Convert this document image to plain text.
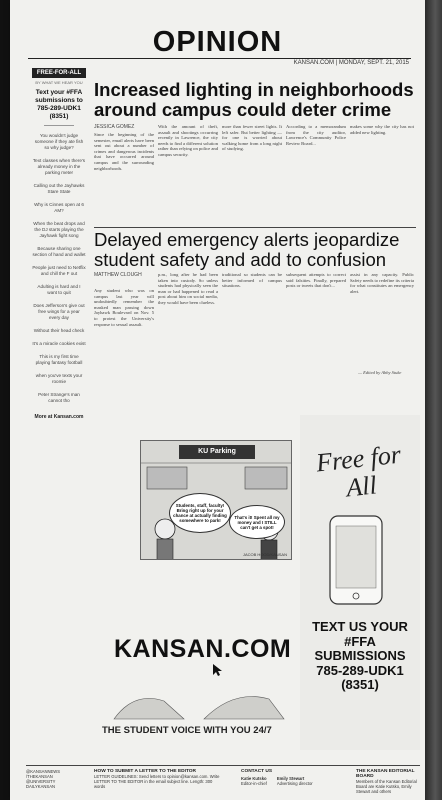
OPINION
KANSAN.COM | MONDAY, SEPT. 21, 2015
FREE-FOR-ALL
BY WHAT WE HEAR YOU
Text your #FFA submissions to 785-289-UDK1 (8351)
You wouldn't judge someone if they ate fish so why judge?
Text classes when there's already money in the parking meter
Calling out the Jayhawks Stare State
Why is Cinnes open at 6 AM?
When the beat drops and the DJ starts playing the Jayhawk fight song
Because sharing one section of hand and wallet
People just need to Netflix and chill the F out
Adulting is hard and I want to quit
Does Jefferson's give out free wings for a year every day
Without their head check
It's a miracle cookies exist
This is my first time playing fantasy football
when you've texts your roomie
Peter Strange's man cannot tho
More at Kansan.com
Increased lighting in neighborhoods around campus could deter crime
JESSICA GOMEZ
Since the beginning of the semester, email alerts have been sent out about a number of crimes and dangerous incidents that have occurred around campus and the surrounding neighborhoods.
With the amount of theft, assault and shootings occurring recently in Lawrence, the city needs to find a different solution rather than relying on police and campus security.
more than fewer street lights. It left safer. But better lighting — for one is worried about walking home from a long night of studying.
According to a memorandum from the city auditor, Lawrence's Community Police Review Board...
makes some why the city has not added new lighting.
Delayed emergency alerts jeopardize student safety and add to confusion
MATTHEW CLOUGH
Any student who was on campus last year will undoubtedly remember the masked man passing down Jayhawk Boulevard on Nov. 5 to protest the University's response to sexual assault.
p.m., long after he had been taken into custody. So unless students had physically seen the man or had happened to read a post about him on social media, they would have been clueless.
traditional so students can be better informed of campus situations.
subsequent attempts to correct said falsities. Finally, prepared posts or tweets that don't...
assist in any capacity. Public Safety needs to redefine its criteria for what constitutes an emergency alert.
— Edited by Abby Stuke
KU Parking
Students, staff, faculty! Bring right up for your chance at actually finding somewhere to park!
That's it! Spent all my money and I STILL can't get a spot!
JACOB HOOD/KANSAN
Free for All
TEXT US YOUR #FFA SUBMISSIONS
785-289-UDK1 (8351)
KANSAN.COM
THE STUDENT VOICE WITH YOU 24/7
@KANSANNEWS
/THEKANSAN
@UNIVERSITY DAILYKANSAN
HOW TO SUBMIT A LETTER TO THE EDITOR
LETTER GUIDELINES: Send letters to opinion@kansan.com. Write LETTER TO THE EDITOR in the email subject line. Length: 300 words
CONTACT US
Katie Kutsko
Editor-in-chief
Emily Stewart
Advertising director
THE KANSAN EDITORIAL BOARD
Members of the Kansan Editorial Board are Katie Kutsko, Emily Stewart and others
